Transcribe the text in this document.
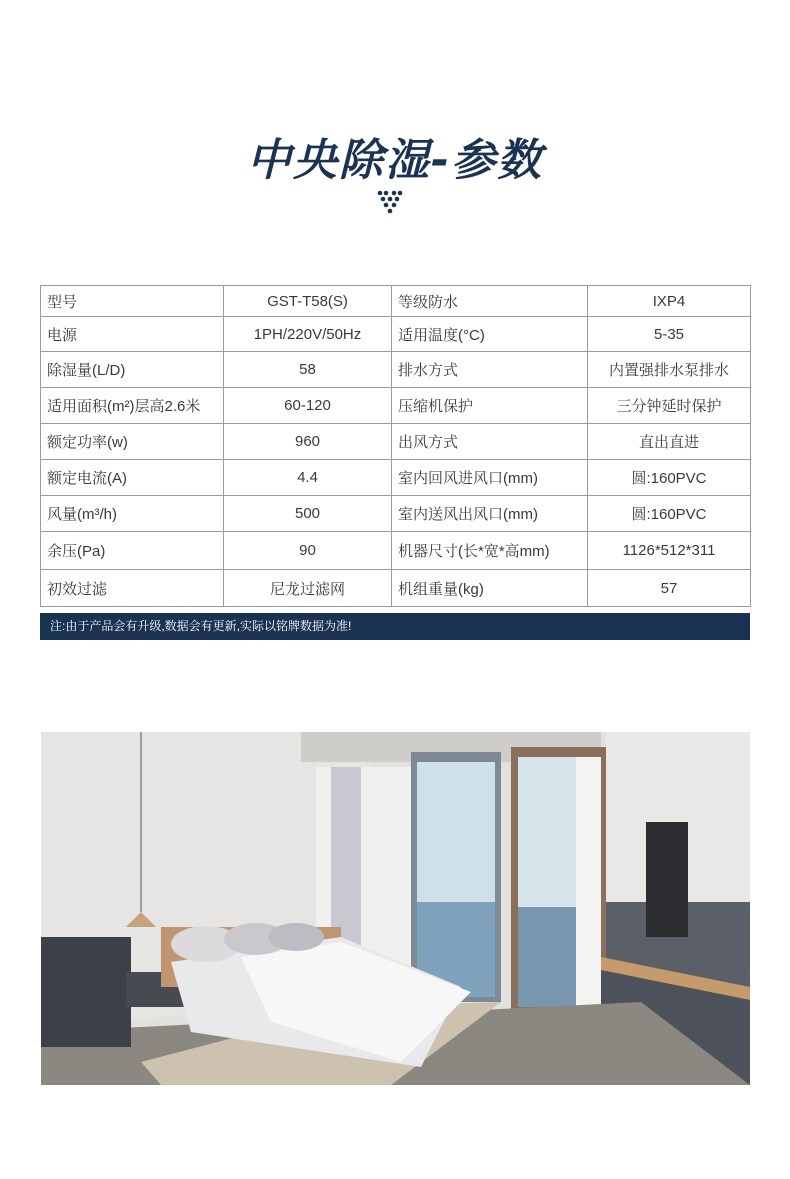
中央除湿-参数
型号	GST-T58(S)	等级防水	IXP4
电源	1PH/220V/50Hz	适用温度(°C)	5-35
除湿量(L/D)	58	排水方式	内置强排水泵排水
适用面积(m²)层高2.6米	60-120	压缩机保护	三分钟延时保护
额定功率(w)	960	出风方式	直出直进
额定电流(A)	4.4	室内回风进风口(mm)	圆:160PVC
风量(m³/h)	500	室内送风出风口(mm)	圆:160PVC
余压(Pa)	90	机器尺寸(长*宽*高mm)	1126*512*311
初效过滤	尼龙过滤网	机组重量(kg)	57
注:由于产品会有升级,数据会有更新,实际以铭牌数据为准!
